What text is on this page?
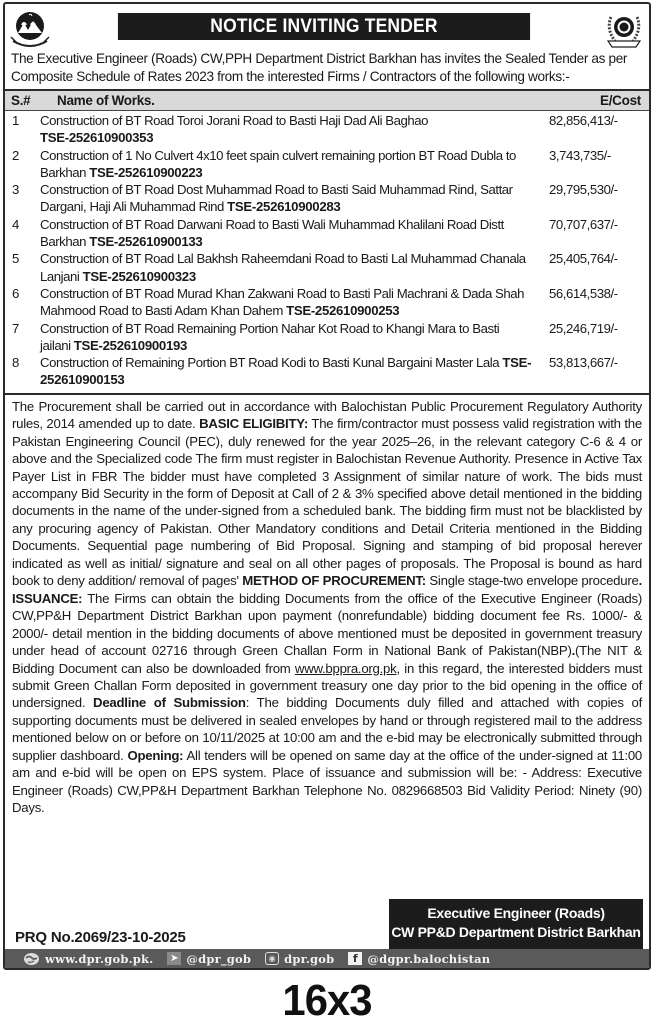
NOTICE INVITING TENDER

The Executive Engineer (Roads) CW,PPH Department District Barkhan has invites the Sealed Tender as per Composite Schedule of Rates 2023 from the interested Firms / Contractors of the following works:-

S.#	Name of Works.	E/Cost
1	Construction of BT Road Toroi Jorani Road to Basti Haji Dad Ali Baghao
TSE-252610900353
82,856,413/-
2	Construction of 1 No Culvert 4x10 feet spain culvert remaining portion BT Road Dubla to Barkhan TSE-252610900223
3,743,735/-
3	Construction of BT Road Dost Muhammad Road to Basti Said Muhammad Rind, Sattar Dargani, Haji Ali Muhammad Rind TSE-252610900283
29,795,530/-
4	Construction of BT Road Darwani Road to Basti Wali Muhammad Khalilani Road Distt Barkhan TSE-252610900133
70,707,637/-
5	Construction of BT Road Lal Bakhsh Raheemdani Road to Basti Lal Muhammad Chanala Lanjani TSE-252610900323
25,405,764/-
6	Construction of BT Road Murad Khan Zakwani Road to Basti Pali Machrani & Dada Shah Mahmood Road to Basti Adam Khan Dahem TSE-252610900253
56,614,538/-
7	Construction of BT Road Remaining Portion Nahar Kot Road to Khangi Mara to Basti jailani TSE-252610900193
25,246,719/-
8	Construction of Remaining Portion BT Road Kodi to Basti Kunal Bargaini Master Lala TSE-252610900153
53,813,667/-
The Procurement shall be carried out in accordance with Balochistan Public Procurement Regulatory Authority rules, 2014 amended up to date. BASIC ELIGIBITY: The firm/contractor must possess valid registration with the Pakistan Engineering Council (PEC), duly renewed for the year 2025–26, in the relevant category C-6 & 4 or above and the Specialized code The firm must register in Balochistan Revenue Authority. Presence in Active Tax Payer List in FBR The bidder must have completed 3 Assignment of similar nature of work. The bids must accompany Bid Security in the form of Deposit at Call of 2 & 3% specified above detail mentioned in the bidding documents in the name of the under-signed from a scheduled bank. The bidding firm must not be blacklisted by any procuring agency of Pakistan. Other Mandatory conditions and Detail Criteria mentioned in the Bidding Documents. Sequential page numbering of Bid Proposal. Signing and stamping of bid proposal herever indicated as well as initial/ signature and seal on all other pages of proposals. The Proposal is bound as hard book to deny addition/ removal of pages' METHOD OF PROCUREMENT: Single stage-two envelope procedure. ISSUANCE: The Firms can obtain the bidding Documents from the office of the Executive Engineer (Roads) CW,PP&H Department District Barkhan upon payment (nonrefundable) bidding document fee Rs. 1000/- & 2000/- detail mention in the bidding documents of above mentioned must be deposited in government treasury under head of account 02716 through Green Challan Form in National Bank of Pakistan(NBP).(The NIT & Bidding Document can also be downloaded from www.bppra.org.pk, in this regard, the interested bidders must submit Green Challan Form deposited in government treasury one day prior to the bid opening in the office of undersigned. Deadline of Submission: The bidding Documents duly filled and attached with copies of supporting documents must be delivered in sealed envelopes by hand or through registered mail to the address mentioned below on or before on 10/11/2025 at 10:00 am and the e-bid may be electronically submitted through supplier dashboard. Opening: All tenders will be opened on same day at the office of the under-signed at 11:00 am and e-bid will be open on EPS system. Place of issuance and submission will be: - Address: Executive Engineer (Roads) CW,PP&H Department Barkhan Telephone No. 0829668503 Bid Validity Period: Ninety (90) Days.
PRQ No.2069/23-10-2025
Executive Engineer (Roads)
CW PP&D Department District Barkhan
www.dpr.gob.pk. ➤ @dpr_gob	◉ dpr.gob	f @dgpr.balochistan
16x3
